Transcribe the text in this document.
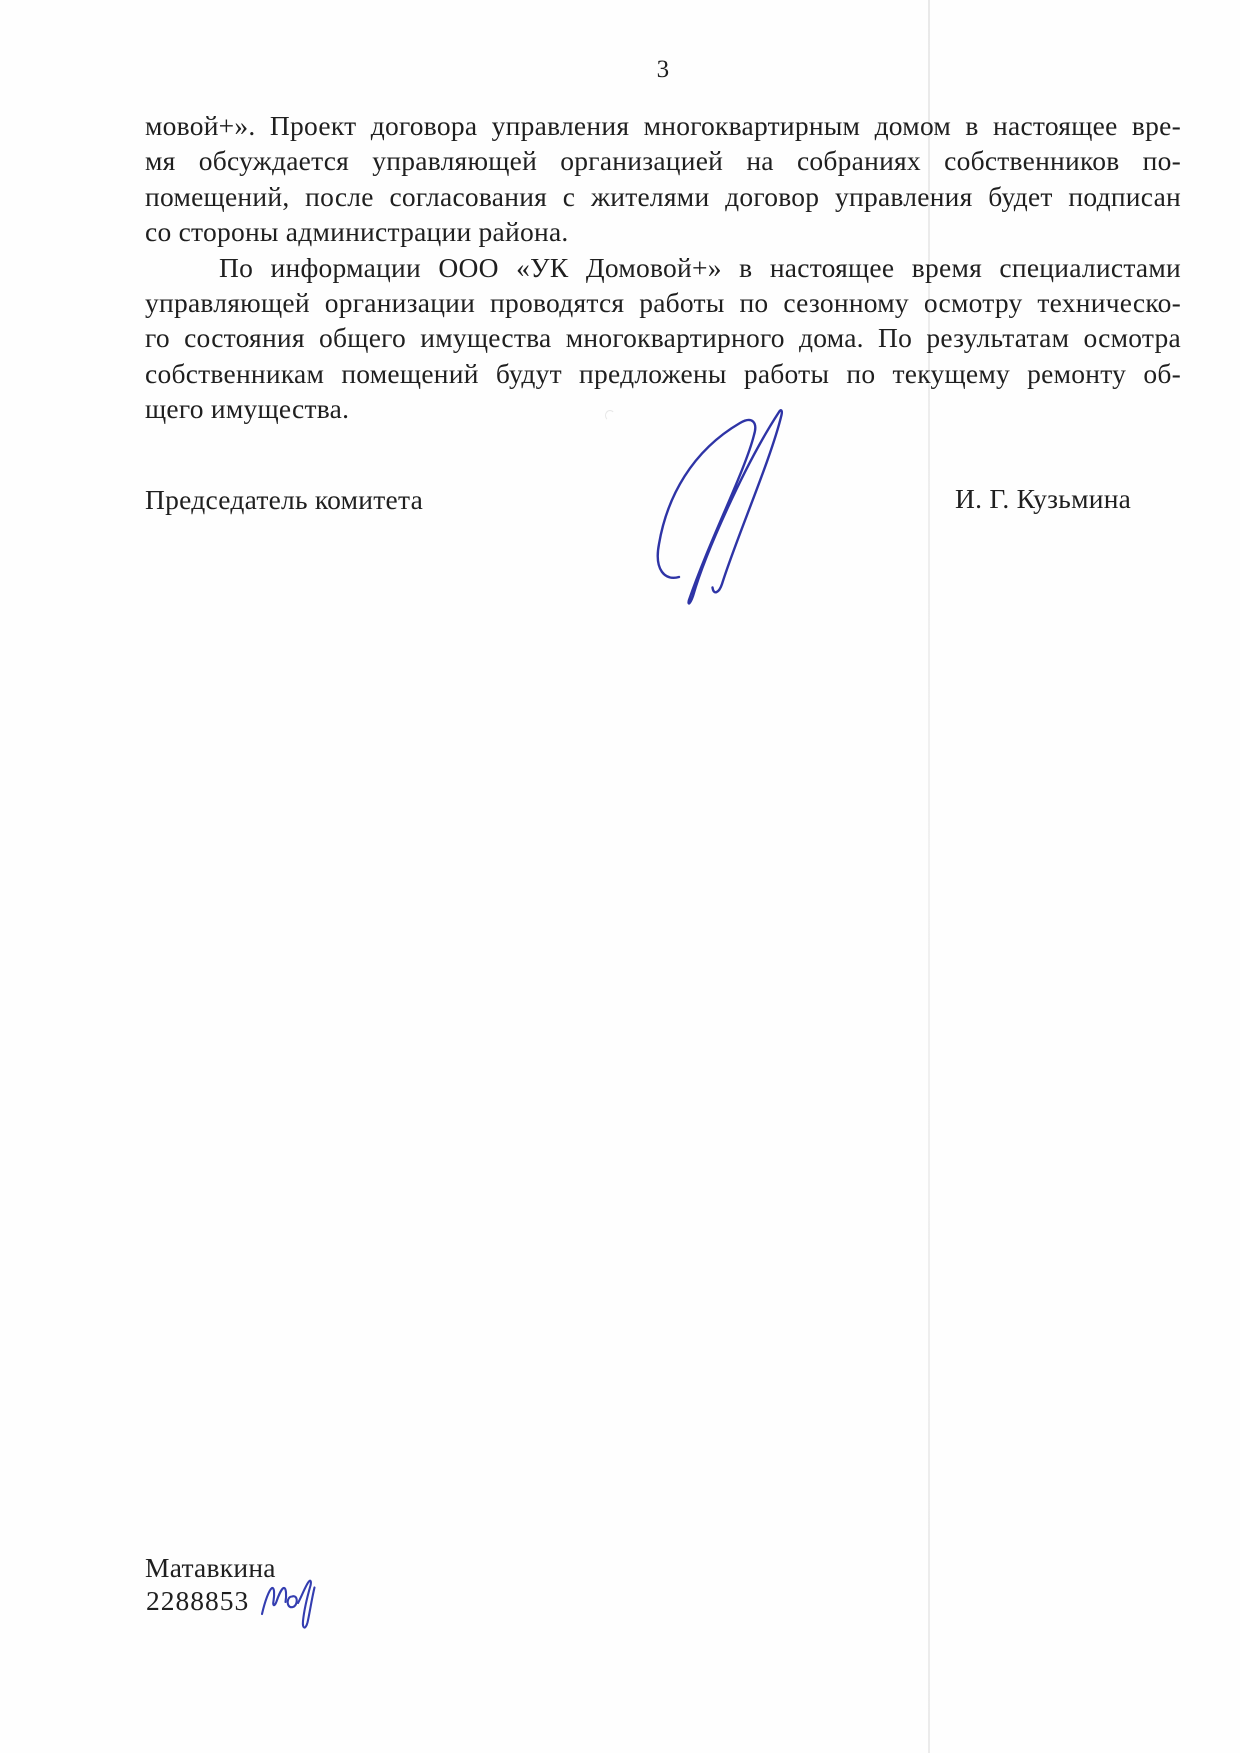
3
мовой+». Проект договора управления многоквартирным домом в настоящее вре-
мя обсуждается управляющей организацией на собраниях собственников по-
помещений, после согласования с жителями договор управления будет подписан
со стороны администрации района.
По информации ООО «УК Домовой+» в настоящее время специалистами
управляющей организации проводятся работы по сезонному осмотру техническо-
го состояния общего имущества многоквартирного дома. По результатам осмотра
собственникам помещений будут предложены работы по текущему ремонту об-
щего имущества.
Председатель комитета	И. Г. Кузьмина
Матавкина
2288853
